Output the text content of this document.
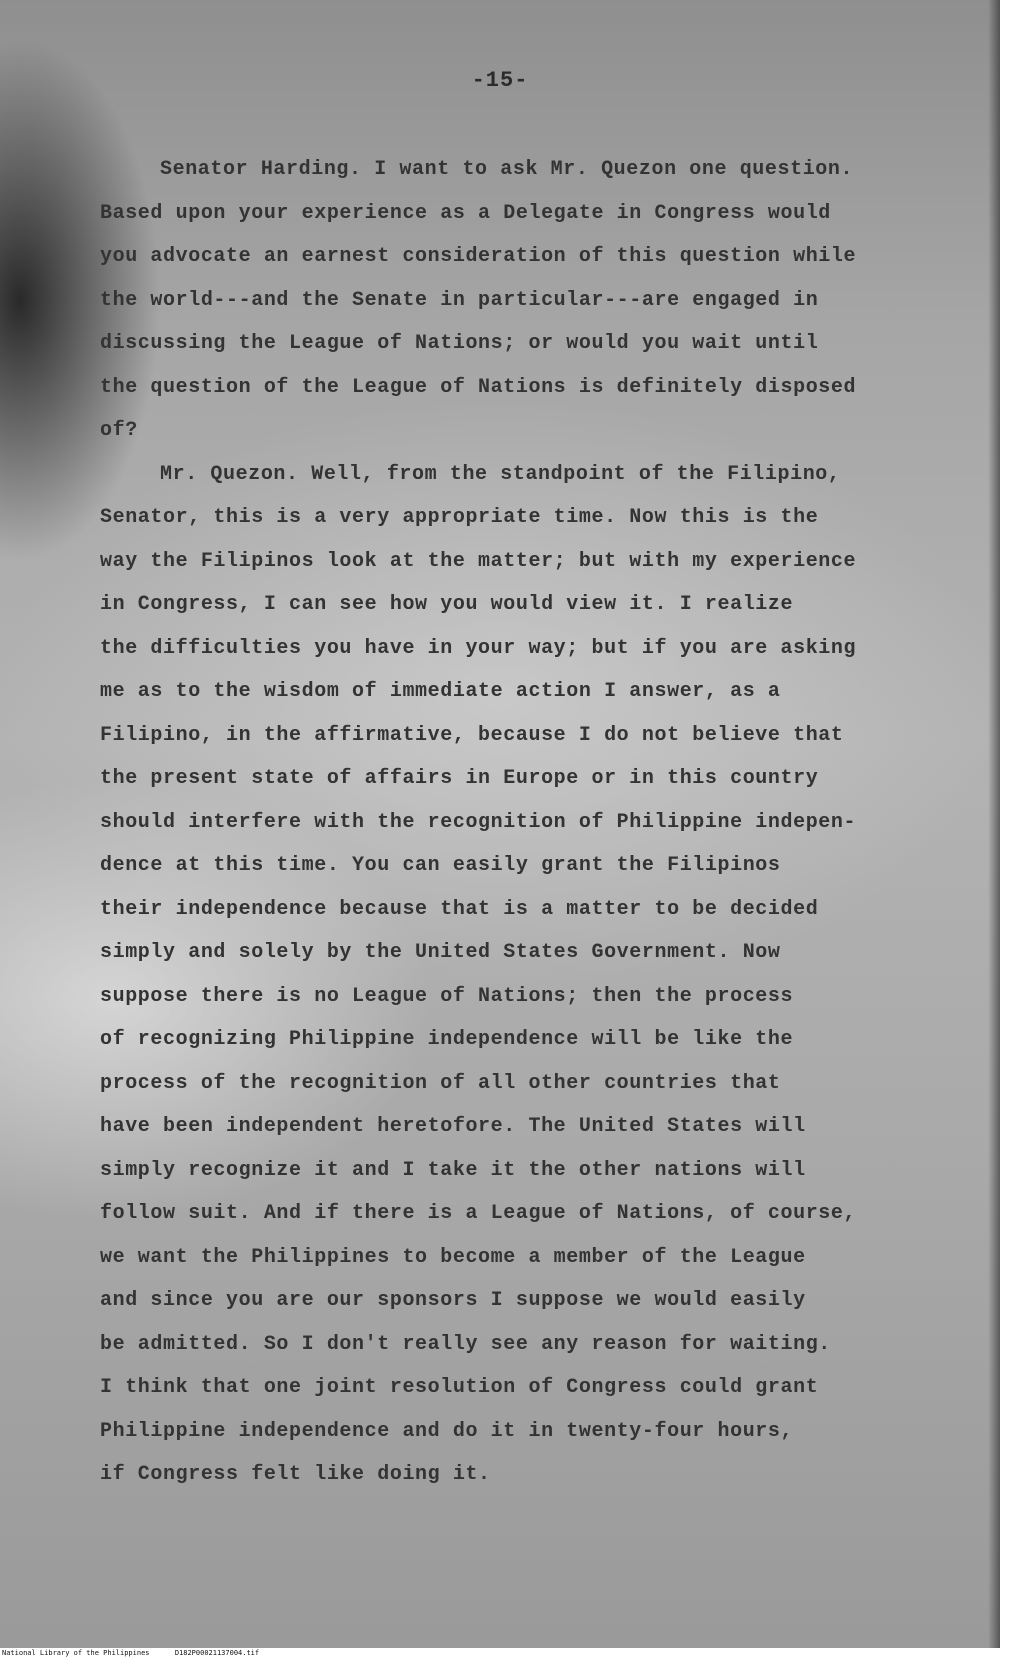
-15-
Senator Harding. I want to ask Mr. Quezon one question.
Based upon your experience as a Delegate in Congress would
you advocate an earnest consideration of this question while
the world---and the Senate in particular---are engaged in
discussing the League of Nations; or would you wait until
the question of the League of Nations is definitely disposed
of?
Mr. Quezon. Well, from the standpoint of the Filipino,
Senator, this is a very appropriate time. Now this is the
way the Filipinos look at the matter; but with my experience
in Congress, I can see how you would view it. I realize
the difficulties you have in your way; but if you are asking
me as to the wisdom of immediate action I answer, as a
Filipino, in the affirmative, because I do not believe that
the present state of affairs in Europe or in this country
should interfere with the recognition of Philippine indepen-
dence at this time. You can easily grant the Filipinos
their independence because that is a matter to be decided
simply and solely by the United States Government. Now
suppose there is no League of Nations; then the process
of recognizing Philippine independence will be like the
process of the recognition of all other countries that
have been independent heretofore. The United States will
simply recognize it and I take it the other nations will
follow suit. And if there is a League of Nations, of course,
we want the Philippines to become a member of the League
and since you are our sponsors I suppose we would easily
be admitted. So I don't really see any reason for waiting.
I think that one joint resolution of Congress could grant
Philippine independence and do it in twenty-four hours,
if Congress felt like doing it.
National Library of the Philippines	D182P00021137004.tif
